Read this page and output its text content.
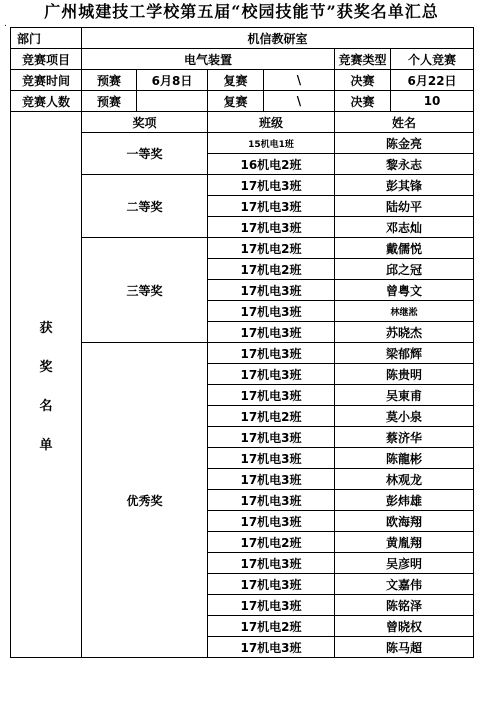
广州城建技工学校第五届“校园技能节”获奖名单汇总
.
部门	机信教研室					
竞赛项目	电气装置				竞赛类型	个人竞赛
竞赛时间	预赛	6月8日	复赛	\	决赛	6月22日
竞赛人数	预赛		复赛	\	决赛	10

获
奖
名
单	奖项		班级		姓名	
	一等奖		15机电1班		陈金亮	
			16机电2班		黎永志	
	二等奖		17机电3班		彭其锋	
			17机电3班		陆幼平	
			17机电3班		邓志灿	
	三等奖		17机电2班		戴儒悦	
			17机电2班		邱之冠	
			17机电3班		曾粤文	
			17机电3班		林继淞	
			17机电3班		苏晓杰	
	优秀奖		17机电3班		梁郁辉	
			17机电3班		陈贵明	
			17机电3班		吴東甫	
			17机电2班		莫小泉	
			17机电3班		蔡济华	
			17机电3班		陈龍彬	
			17机电3班		林观龙	
			17机电3班		彭炜雄	
			17机电3班		欧海翔	
			17机电2班		黄胤翔	
			17机电3班		吴彦明	
			17机电3班		文嘉伟	
			17机电3班		陈铭泽	
			17机电2班		曾晓权	
			17机电3班		陈马超	
